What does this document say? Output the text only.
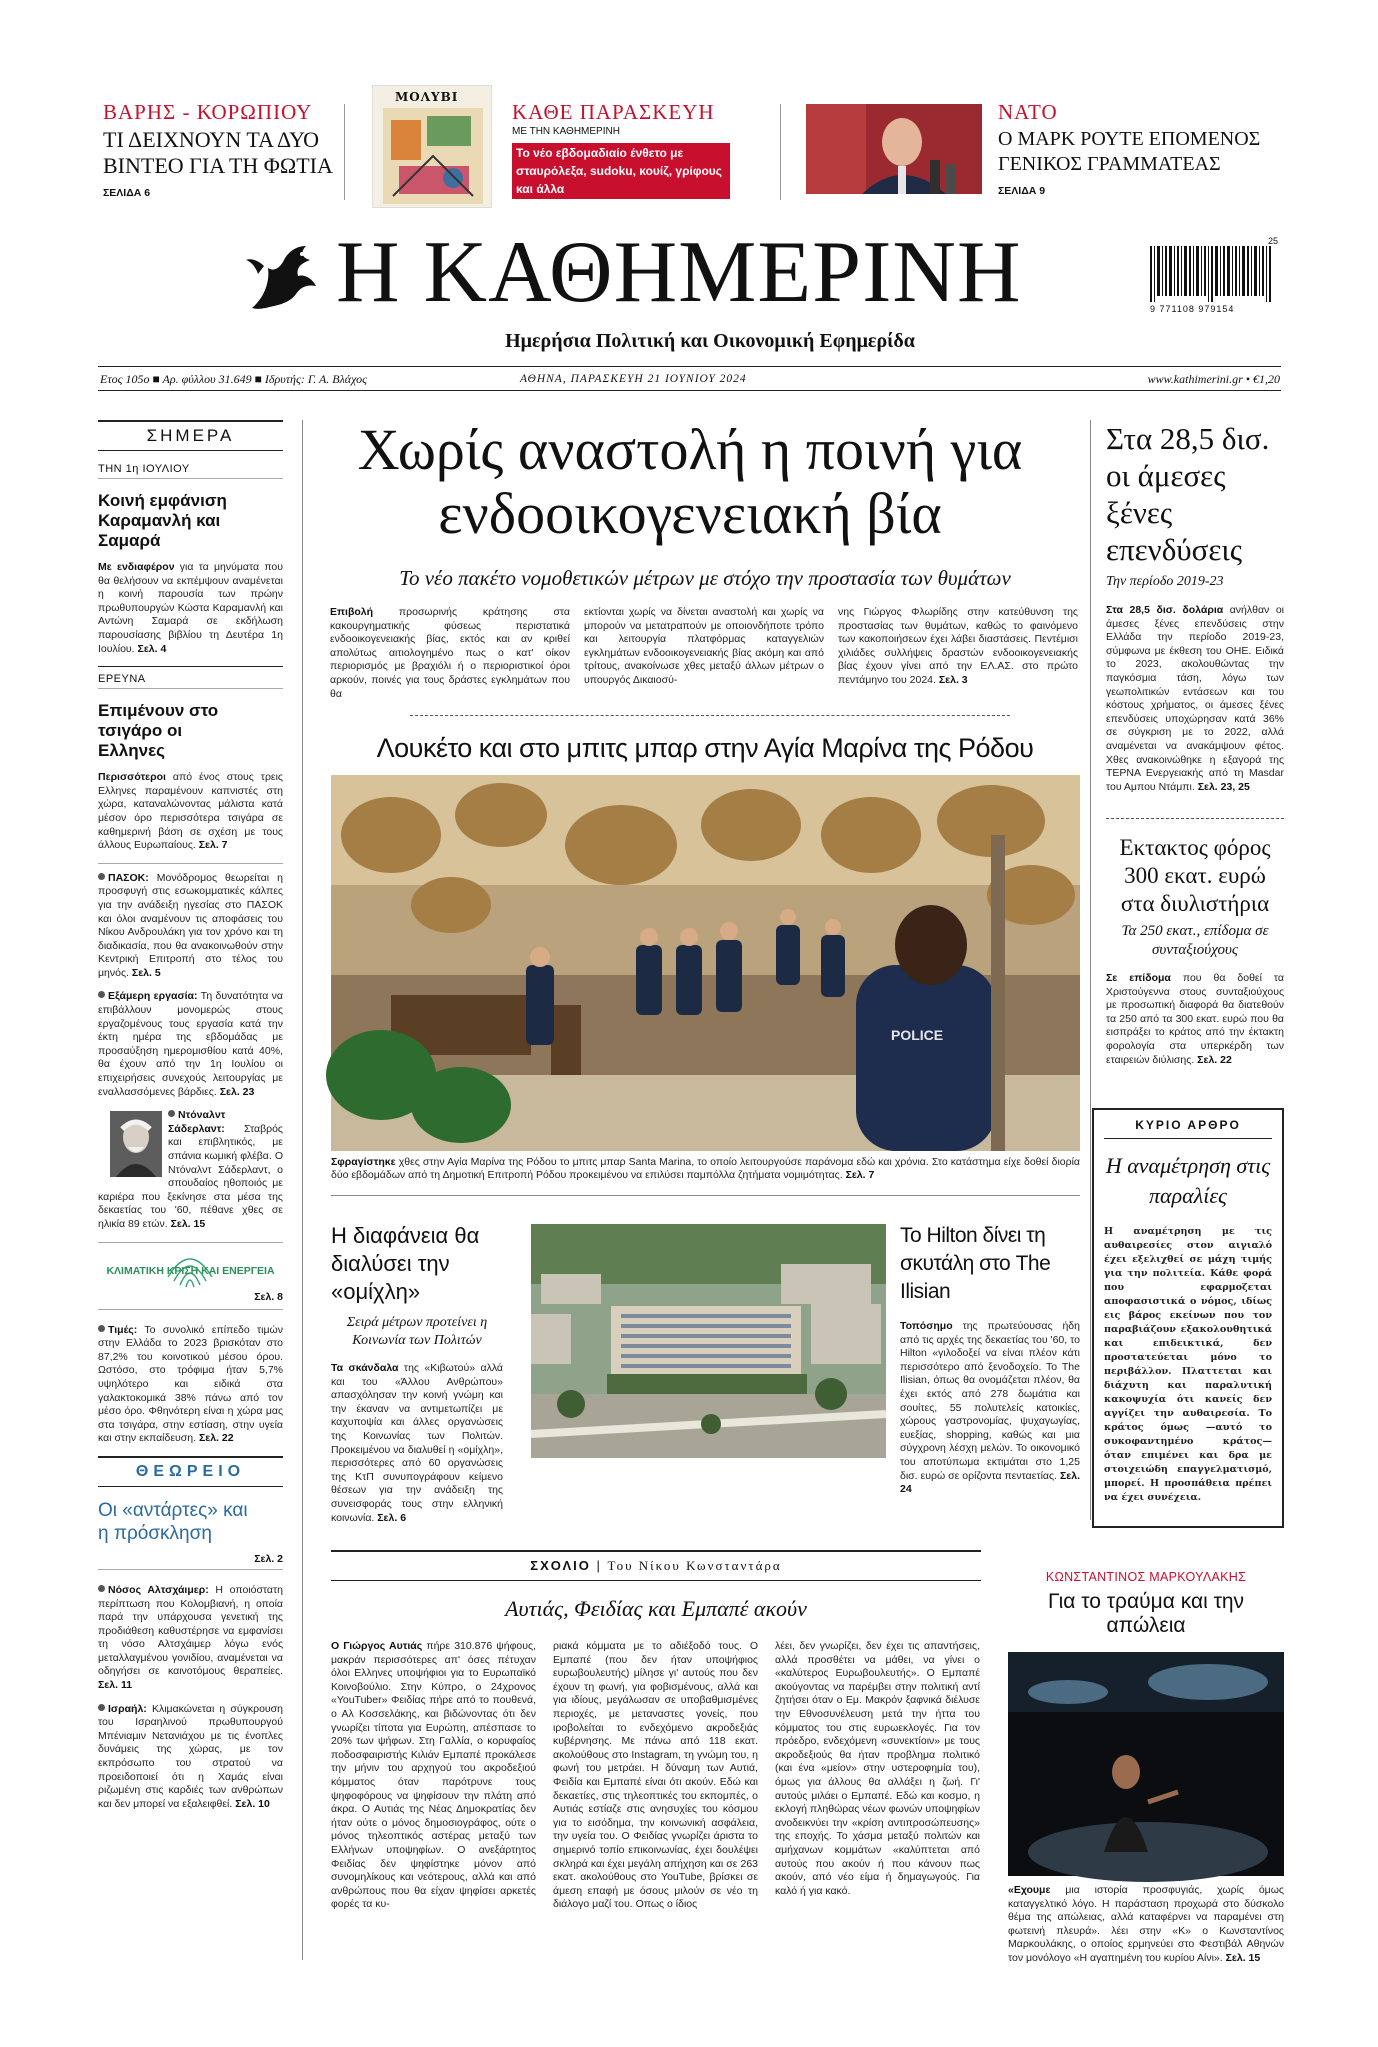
ΒΑΡΗΣ - ΚΟΡΩΠΙΟΥ
ΤΙ ΔΕΙΧΝΟΥΝ ΤΑ ΔΥΟ ΒΙΝΤΕΟ ΓΙΑ ΤΗ ΦΩΤΙΑ
ΣΕΛΙΔΑ 6
ΜΟΛΥΒΙ
ΚΑΘΕ ΠΑΡΑΣΚΕΥΗ
ΜΕ ΤΗΝ ΚΑΘΗΜΕΡΙΝΗ
Το νέο εβδομαδιαίο ένθετο με σταυρόλεξα, sudoku, κουίζ, γρίφους και άλλα	REUTERS / JOHANNA GERON / ΚΑΘΗΜ.
ΝΑΤΟ
Ο ΜΑΡΚ ΡΟΥΤΕ ΕΠΟΜΕΝΟΣ ΓΕΝΙΚΟΣ ΓΡΑΜΜΑΤΕΑΣ
ΣΕΛΙΔΑ 9
Η ΚΑΘΗΜΕΡΙΝΗ
Ημερήσια Πολιτική και Οικονομική Εφημερίδα
25
9 771108 979154
Ετος 105ο ■ Αρ. φύλλου 31.649 ■ Ιδρυτής: Γ. Α. Βλάχος	ΑΘΗΝΑ, ΠΑΡΑΣΚΕΥΗ 21 ΙΟΥΝΙΟΥ 2024	www.kathimerini.gr • €1,20
ΣΗΜΕΡΑ
ΤΗΝ 1η ΙΟΥΛΙΟΥ
Κοινή εμφάνιση Καραμανλή και Σαμαρά
Με ενδιαφέρον για τα μηνύματα που θα θελήσουν να εκπέμψουν αναμένεται η κοινή παρουσία των πρώην πρωθυπουργών Κώστα Καραμανλή και Αντώνη Σαμαρά σε εκδήλωση παρουσίασης βιβλίου τη Δευτέρα 1η Ιουλίου. Σελ. 4
ΕΡΕΥΝΑ
Επιμένουν στο τσιγάρο οι Ελληνες
Περισσότεροι από ένος στους τρεις Ελληνες παραμένουν καπνιστές στη χώρα, καταναλώνοντας μάλιστα κατά μέσον όρο περισσότερα τσιγάρα σε καθημερινή βάση σε σχέση με τους άλλους Ευρωπαίους. Σελ. 7
ΠΑΣΟΚ: Μονόδρομος θεωρείται η προσφυγή στις εσωκομματικές κάλπες για την ανάδειξη ηγεσίας στο ΠΑΣΟΚ και όλοι αναμένουν τις αποφάσεις του Νίκου Ανδρουλάκη για τον χρόνο και τη διαδικασία, που θα ανακοινωθούν στην Κεντρική Επιτροπή στο τέλος του μηνός. Σελ. 5
Εξάμερη εργασία: Τη δυνατότητα να επιβάλλουν μονομερώς στους εργαζομένους τους εργασία κατά την έκτη ημέρα της εβδομάδας με προσαύξηση ημερομισθίου κατά 40%, θα έχουν από την 1η Ιουλίου οι επιχειρήσεις συνεχούς λειτουργίας με εναλλασσόμενες βάρδιες. Σελ. 23
Ντόναλντ Σάδερλαντ: Σταβρός και επιβλητικός, με σπάνια κωμική φλέβα. Ο Ντόναλντ Σάδερλαντ, ο σπουδαίος ηθοποιός με καριέρα που ξεκίνησε στα μέσα της δεκαετίας του '60, πέθανε χθες σε ηλικία 89 ετών. Σελ. 15
ΚΛΙΜΑΤΙΚΗ ΚΡΙΣΗ ΚΑΙ ΕΝΕΡΓΕΙΑ
Σελ. 8
Τιμές: Το συνολικό επίπεδο τιμών στην Ελλάδα το 2023 βρισκόταν στο 87,2% του κοινοτικού μέσου όρου. Ωστόσο, στο τρόφιμα ήταν 5,7% υψηλότερο και ειδικά στα γαλακτοκομικά 38% πάνω από τον μέσο όρο. Φθηνότερη είναι η χώρα μας στα τσιγάρα, στην εστίαση, στην υγεία και στην εκπαίδευση. Σελ. 22
ΘΕΩΡΕΙΟ
Οι «αντάρτες» και η πρόσκληση
Σελ. 2
Νόσος Αλτσχάιμερ: Η οποιόστατη περίπτωση που Κολομβιανή, η οποία παρά την υπάρχουσα γενετική της προδιάθεση καθυστέρησε να εμφανίσει τη νόσο Αλτσχάιμερ λόγω ενός μεταλλαγμένου γονιδίου, αναμένεται να οδηγήσει σε καινοτόμους θεραπείες. Σελ. 11
Ισραήλ: Κλιμακώνεται η σύγκρουση του Ισραηλινού πρωθυπουργού Μπένιαμιν Νετανιάχου με τις ένοπλες δυνάμεις της χώρας, με τον εκπρόσωπο του στρατού να προειδοποιεί ότι η Χαμάς είναι ριζωμένη στις καρδιές των ανθρώπων και δεν μπορεί να εξαλειφθεί. Σελ. 10
Χωρίς αναστολή η ποινή για ενδοοικογενειακή βία
Το νέο πακέτο νομοθετικών μέτρων με στόχο την προστασία των θυμάτων
Επιβολή προσωρινής κράτησης στα κακουργηματικής φύσεως περιστατικά ενδοοικογενειακής βίας, εκτός και αν κριθεί απολύτως αιτιολογημένο πως ο κατ' οίκον περιορισμός με βραχιόλι ή ο περιοριστικοί όροι αρκούν, ποινές για τους δράστες εγκλημάτων που θα
εκτίονται χωρίς να δίνεται αναστολή και χωρίς να μπορούν να μετατραπούν με οποιονδήποτε τρόπο και λειτουργία πλατφόρμας καταγγελιών εγκλημάτων ενδοοικογενειακής βίας ακόμη και από τρίτους, ανακοίνωσε χθες μεταξύ άλλων μέτρων ο υπουργός Δικαιοσύ-
νης Γιώργος Φλωρίδης στην κατεύθυνση της προστασίας των θυμάτων, καθώς το φαινόμενο των κακοποιήσεων έχει λάβει διαστάσεις. Πεντέμισι χιλιάδες συλλήψεις δραστών ενδοοικογενειακής βίας έχουν γίνει από την ΕΛ.ΑΣ. στο πρώτο πεντάμηνο του 2024. Σελ. 3
Λουκέτο και στο μπιτς μπαρ στην Αγία Μαρίνα της Ρόδου
POLICE
Σφραγίστηκε χθες στην Αγία Μαρίνα της Ρόδου το μπιτς μπαρ Santa Marina, το οποίο λειτουργούσε παράνομα εδώ και χρόνια. Στο κατάστημα είχε δοθεί διορία δύο εβδομάδων από τη Δημοτική Επιτροπή Ρόδου προκειμένου να επιλύσει παμπόλλα ζητήματα νομιμότητας. Σελ. 7
Η διαφάνεια θα διαλύσει την «ομίχλη»
Σειρά μέτρων προτείνει η Κοινωνία των Πολιτών
Τα σκάνδαλα της «Κιβωτού» αλλά και του «Άλλου Ανθρώπου» απασχόλησαν την κοινή γνώμη και την έκαναν να αντιμετωπίζει με καχυποψία και άλλες οργανώσεις της Κοινωνίας των Πολιτών. Προκειμένου να διαλυθεί η «ομίχλη», περισσότερες από 60 οργανώσεις της ΚτΠ συνυπογράφουν κείμενο θέσεων για την ανάδειξη της συνεισφοράς τους στην ελληνική κοινωνία. Σελ. 6
Το Hilton δίνει τη σκυτάλη στο The Ilisian
Τοπόσημο της πρωτεύουσας ήδη από τις αρχές της δεκαετίας του '60, το Hilton «γιλοδοξεί να είναι πλέον κάτι περισσότερο από ξενοδοχείο. Το The Ilisian, όπως θα ονομάζεται πλέον, θα έχει εκτός από 278 δωμάτια και σουίτες, 55 πολυτελείς κατοικίες, χώρους γαστρονομίας, ψυχαγωγίας, ευεξίας, shopping, καθώς και μια σύγχρονη λέσχη μελών. Το οικονομικό του αποτύπωμα εκτιμάται στο 1,25 δισ. ευρώ σε ορίζοντα πενταετίας. Σελ. 24
ΣΧΟΛΙΟ | Του Νίκου Κωνσταντάρα
Αυτιάς, Φειδίας και Εμπαπέ ακούν
Ο Γιώργος Αυτιάς πήρε 310.876 ψήφους, μακράν περισσότερες απ' όσες πέτυχαν όλοι Ελληνες υποψήφιοι για το Ευρωπαϊκό Κοινοβούλιο. Στην Κύπρο, ο 24χρονος «YouTuber» Φειδίας πήρε από το πουθενά, ο Αλ Κοσσελάκης, και βιδώνοντας ότι δεν γνωρίζει τίποτα για Ευρώπη, απέσπασε το 20% των ψήφων. Στη Γαλλία, ο κορυφαίος ποδοσφαιριστής Κιλιάν Εμπαπέ προκάλεσε την μήνιν του αρχηγού του ακροδεξιού κόμματος όταν παρότρυνε τους ψηφοφόρους να ψηφίσουν την πλάτη από άκρα. Ο Αυτιάς της Νέας Δημοκρατίας δεν ήταν ούτε ο μόνος δημοσιογράφος, ούτε ο μόνος τηλεοπτικός αστέρας μεταξύ των Ελλήνων υποψηφίων. Ο ανεξάρτητος Φειδίας δεν ψηφίστηκε μόνον από συνομηλίκους και νεότερους, αλλά και από ανθρώπους που θα είχαν ψηφίσει αρκετές φορές τα κυ-
ριακά κόμματα με το αδιέξοδό τους. Ο Εμπαπέ (που δεν ήταν υποψήφιος ευρωβουλευτής) μίλησε γι' αυτούς που δεν έχουν τη φωνή, για φοβισμένους, αλλά και για ιδίους, μεγάλωσαν σε υποβαθμισμένες περιοχές, με μεταναστες γονείς, που ιροβολείται το ενδεχόμενο ακροδεξιάς κυβέρνησης. Με πάνω από 118 εκατ. ακολούθους στο Instagram, τη γνώμη του, η φωνή του μετράει. Η δύναμη των Αυτιά, Φειδία και Εμπαπέ είναι ότι ακούν. Εδώ και δεκαετίες, στις τηλεοπτικές του εκπομπές, ο Αυτιάς εστίαζε στις ανησυχίες του κόσμου για το εισόδημα, την κοινωνική ασφάλεια, την υγεία του. Ο Φειδίας γνωρίζει άριστα το σημερινό τοπίο επικοινωνίας, έχει δουλέψει σκληρά και έχει μεγάλη απήχηση και σε 263 εκατ. ακολούθους στο YouTube, βρίσκει σε άμεση επαφή με όσους μιλούν σε νέο τη διάλογο μαζί του. Οπως ο ίδιος
λέει, δεν γνωρίζει, δεν έχει τις απαντήσεις, αλλά προσθέτει να μάθει, να γίνει ο «καλύτερος Ευρωβουλευτής». Ο Εμπαπέ ακούγοντας να παρέμβει στην πολιτική αντί ζητήσει όταν ο Εμ. Μακρόν ξαφνικά διέλυσε την Εθνοσυνέλευση μετά την ήττα του κόμματος του στις ευρωεκλογές. Για τον πρόεδρο, ενδεχόμενη «συνεκτίοιν» με τους ακροδεξιούς θα ήταν προβλημα πολιτικό (και ένα «μείον» στην υστεροφημία του), όμως για άλλους θα αλλάξει η ζωή. Γι' αυτούς μιλάει ο Εμπαπέ. Εδώ και κοσμο, η εκλογή πληθώρας νέων φωνών υποψηφίων ανοδεικνύει την «κρίση αντιπροσώπευσης» της εποχής. Το χάσμα μεταξύ πολιτών και αμήχανων κομμάτων «καλύπτεται από αυτούς που ακούν ή που κάνουν πως ακούν, από νέο είμα ή δημαγωγούς. Για καλό ή για κακό.
Στα 28,5 δισ. οι άμεσες ξένες επενδύσεις
Την περίοδο 2019-23
Στα 28,5 δισ. δολάρια ανήλθαν οι άμεσες ξένες επενδύσεις στην Ελλάδα την περίοδο 2019-23, σύμφωνα με έκθεση του ΟΗΕ. Ειδικά το 2023, ακολουθώντας την παγκόσμια τάση, λόγω των γεωπολιτικών εντάσεων και του κόστους χρήματος, οι άμεσες ξένες επενδύσεις υποχώρησαν κατά 36% σε σύγκριση με το 2022, αλλά αναμένεται να ανακάμψουν φέτος. Χθες ανακοινώθηκε η εξαγορά της ΤΕΡΝΑ Ενεργειακής από τη Masdar του Αμπου Ντάμπι. Σελ. 23, 25
Εκτακτος φόρος 300 εκατ. ευρώ στα διυλιστήρια
Τα 250 εκατ., επίδομα σε συνταξιούχους
Σε επίδομα που θα δοθεί τα Χριστούγεννα στους συνταξιούχους με προσωπική διαφορά θα διατεθούν τα 250 από τα 300 εκατ. ευρώ που θα εισπράξει το κράτος από την έκτακτη φορολογία στα υπερκέρδη των εταιρειών διύλισης. Σελ. 22
ΚΥΡΙΟ ΑΡΘΡΟ
Η αναμέτρηση στις παραλίες
Η αναμέτρηση με τις αυθαιρεσίες στον αιγιαλό έχει εξελιχθεί σε μάχη τιμής για την πολιτεία. Κάθε φορά που εφαρμοζεται αποφασιστικά ο νόμος, ιδίως εις βάρος εκείνων που τον παραβιάζουν εξακολουθητικά και επιδεικτικά, δεν προστατεύεται μόνο το περιβάλλον. Πλαττεται και διάχυτη και παραλυτική κακοψυχία ότι κανείς δεν αγγίζει την αυθαιρεσία. Το κράτος όμως —αυτό το συκοφαντημένο κράτος— όταν επιμένει και δρα με στοιχειώδη επαγγελματισμό, μπορεί. Η προσπάθεια πρέπει να έχει συνέχεια.
ΚΩΝΣΤΑΝΤΙΝΟΣ ΜΑΡΚΟΥΛΑΚΗΣ
Για το τραύμα και την απώλεια
ΜΑΡΙΑ ΒΑΡΑΒΙΑ
«Εχουμε μια ιστορία προσφυγιάς, χωρίς όμως καταγγελτικό λόγο. Η παράσταση προχωρά στο δύσκολο θέμα της απώλειας, αλλά καταφέρνει να παραμένει στη φωτεινή πλευρά». λέει στην «Κ» ο Κωνσταντίνος Μαρκουλάκης, ο οποίος ερμηνεύει στο Φεστιβάλ Αθηνών τον μονόλογο «Η αγαπημένη του κυρίου Αίνι». Σελ. 15
